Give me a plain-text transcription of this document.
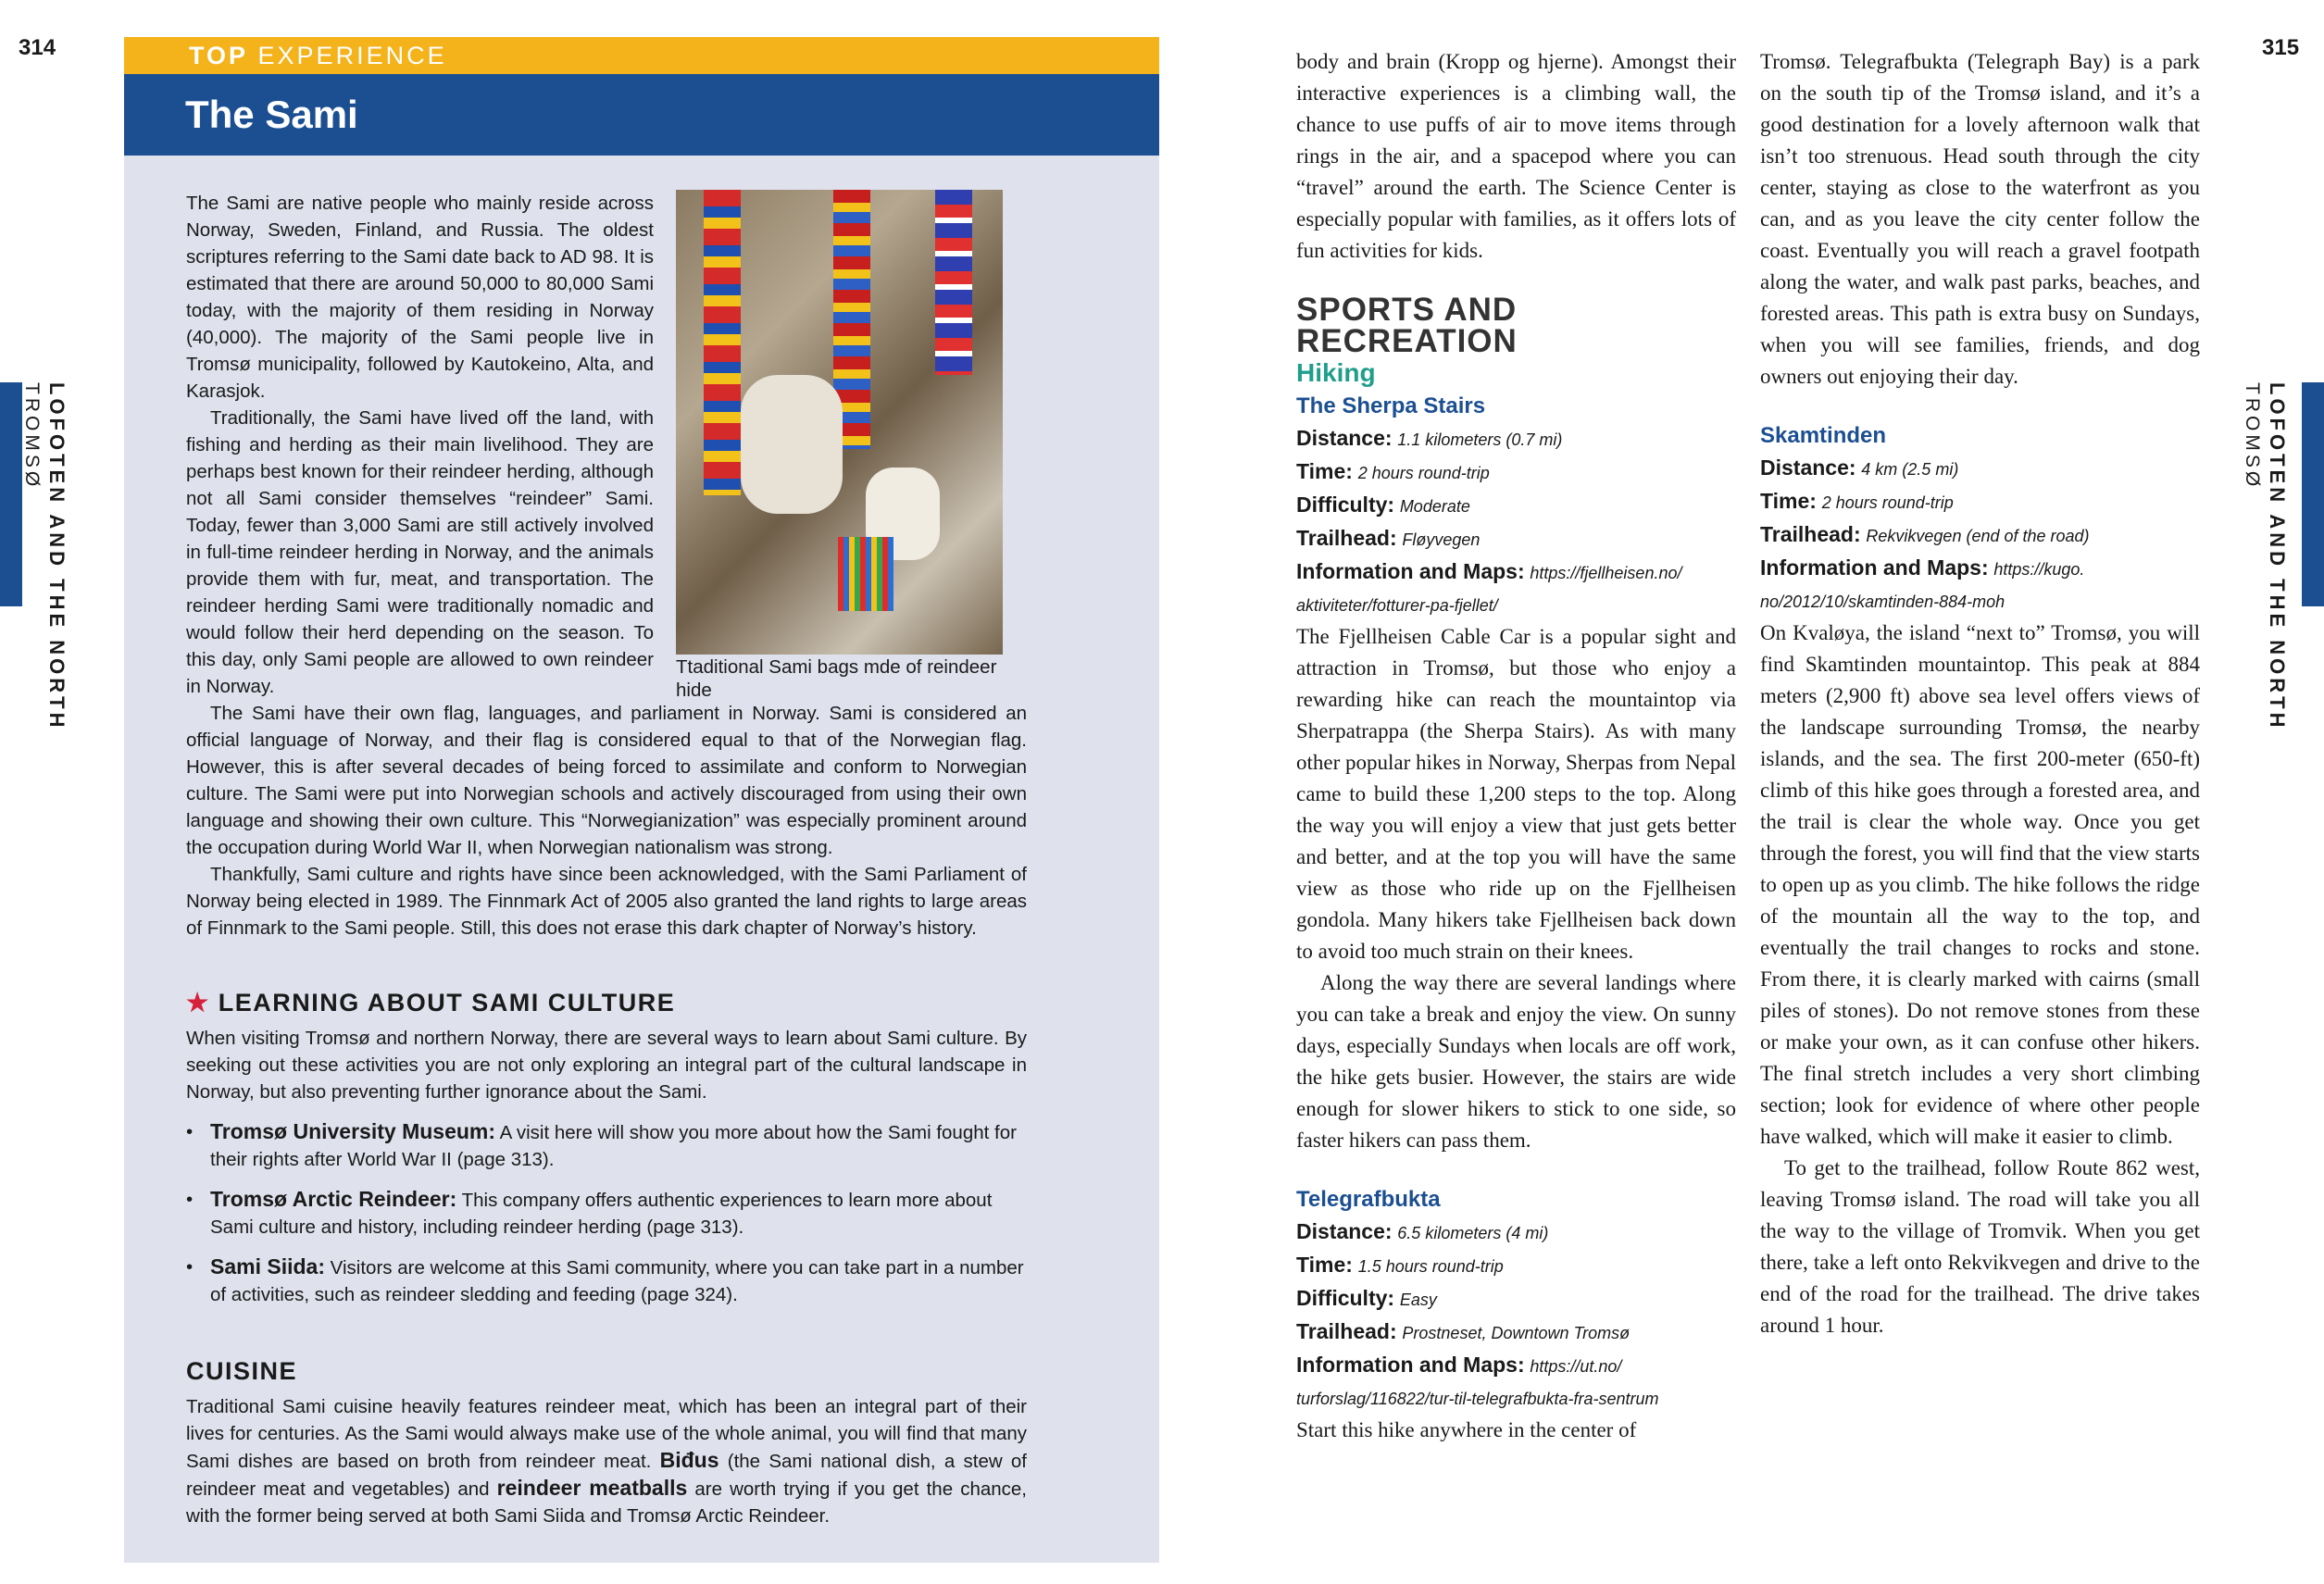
314	315
LOFOTEN AND THE NORTH
TROMSØ	LOFOTEN AND THE NORTH
TROMSØ
TOP EXPERIENCE
The Sami

The Sami are native people who mainly reside across Norway, Sweden, Finland, and Russia. The oldest scriptures referring to the Sami date back to AD 98. It is estimated that there are around 50,000 to 80,000 Sami today, with the majority of them residing in Norway (40,000). The majority of the Sami people live in Tromsø municipality, followed by Kautokeino, Alta, and Karasjok.

Traditionally, the Sami have lived off the land, with fishing and herding as their main livelihood. They are perhaps best known for their reindeer herding, although not all Sami consider themselves “reindeer” Sami. Today, fewer than 3,000 Sami are still actively involved in full-time reindeer herding in Norway, and the animals provide them with fur, meat, and transportation. The reindeer herding Sami were traditionally nomadic and would follow their herd depending on the season. To this day, only Sami people are allowed to own reindeer in Norway.

Ttaditional Sami bags mde of reindeer hide

The Sami have their own flag, languages, and parliament in Norway. Sami is considered an official language of Norway, and their flag is considered equal to that of the Norwegian flag. However, this is after several decades of being forced to assimilate and conform to Norwegian culture. The Sami were put into Norwegian schools and actively discouraged from using their own language and showing their own culture. This “Norwegianization” was especially prominent around the occupation during World War II, when Norwegian nationalism was strong.

Thankfully, Sami culture and rights have since been acknowledged, with the Sami Parliament of Norway being elected in 1989. The Finnmark Act of 2005 also granted the land rights to large areas of Finnmark to the Sami people. Still, this does not erase this dark chapter of Norway’s history.

★ LEARNING ABOUT SAMI CULTURE

When visiting Tromsø and northern Norway, there are several ways to learn about Sami culture. By seeking out these activities you are not only exploring an integral part of the cultural landscape in Norway, but also preventing further ignorance about the Sami.

• Tromsø University Museum: A visit here will show you more about how the Sami fought for their rights after World War II (page 313).
• Tromsø Arctic Reindeer: This company offers authentic experiences to learn more about Sami culture and history, including reindeer herding (page 313).
• Sami Siida: Visitors are welcome at this Sami community, where you can take part in a number of activities, such as reindeer sledding and feeding (page 324).
CUISINE

Traditional Sami cuisine heavily features reindeer meat, which has been an integral part of their lives for centuries. As the Sami would always make use of the whole animal, you will find that many Sami dishes are based on broth from reindeer meat. Biđus (the Sami national dish, a stew of reindeer meat and vegetables) and reindeer meatballs are worth trying if you get the chance, with the former being served at both Sami Siida and Tromsø Arctic Reindeer.

body and brain (Kropp og hjerne). Amongst their interactive experiences is a climbing wall, the chance to use puffs of air to move items through rings in the air, and a spacepod where you can “travel” around the earth. The Science Center is especially popular with families, as it offers lots of fun activities for kids.

SPORTS AND
RECREATION
Hiking
The Sherpa Stairs
Distance: 1.1 kilometers (0.7 mi)
Time: 2 hours round-trip
Difficulty: Moderate
Trailhead: Fløyvegen
Information and Maps: https://fjellheisen.no/
aktiviteter/fotturer-pa-fjellet/

The Fjellheisen Cable Car is a popular sight and attraction in Tromsø, but those who enjoy a rewarding hike can reach the mountaintop via Sherpatrappa (the Sherpa Stairs). As with many other popular hikes in Norway, Sherpas from Nepal came to build these 1,200 steps to the top. Along the way you will enjoy a view that just gets better and better, and at the top you will have the same view as those who ride up on the Fjellheisen gondola. Many hikers take Fjellheisen back down to avoid too much strain on their knees.

Along the way there are several landings where you can take a break and enjoy the view. On sunny days, especially Sundays when locals are off work, the hike gets busier. However, the stairs are wide enough for slower hikers to stick to one side, so faster hikers can pass them.

Telegrafbukta
Distance: 6.5 kilometers (4 mi)
Time: 1.5 hours round-trip
Difficulty: Easy
Trailhead: Prostneset, Downtown Tromsø
Information and Maps: https://ut.no/
turforslag/116822/tur-til-telegrafbukta-fra-sentrum

Start this hike anywhere in the center of

Tromsø. Telegrafbukta (Telegraph Bay) is a park on the south tip of the Tromsø island, and it’s a good destination for a lovely afternoon walk that isn’t too strenuous. Head south through the city center, staying as close to the waterfront as you can, and as you leave the city center follow the coast. Eventually you will reach a gravel footpath along the water, and walk past parks, beaches, and forested areas. This path is extra busy on Sundays, when you will see families, friends, and dog owners out enjoying their day.

Skamtinden
Distance: 4 km (2.5 mi)
Time: 2 hours round-trip
Trailhead: Rekvikvegen (end of the road)
Information and Maps: https://kugo.
no/2012/10/skamtinden-884-moh

On Kvaløya, the island “next to” Tromsø, you will find Skamtinden mountaintop. This peak at 884 meters (2,900 ft) above sea level offers views of the landscape surrounding Tromsø, the nearby islands, and the sea. The first 200-meter (650-ft) climb of this hike goes through a forested area, and the trail is clear the whole way. Once you get through the forest, you will find that the view starts to open up as you climb. The hike follows the ridge of the mountain all the way to the top, and eventually the trail changes to rocks and stone. From there, it is clearly marked with cairns (small piles of stones). Do not remove stones from these or make your own, as it can confuse other hikers. The final stretch includes a very short climbing section; look for evidence of where other people have walked, which will make it easier to climb.

To get to the trailhead, follow Route 862 west, leaving Tromsø island. The road will take you all the way to the village of Tromvik. When you get there, take a left onto Rekvikvegen and drive to the end of the road for the trailhead. The drive takes around 1 hour.
